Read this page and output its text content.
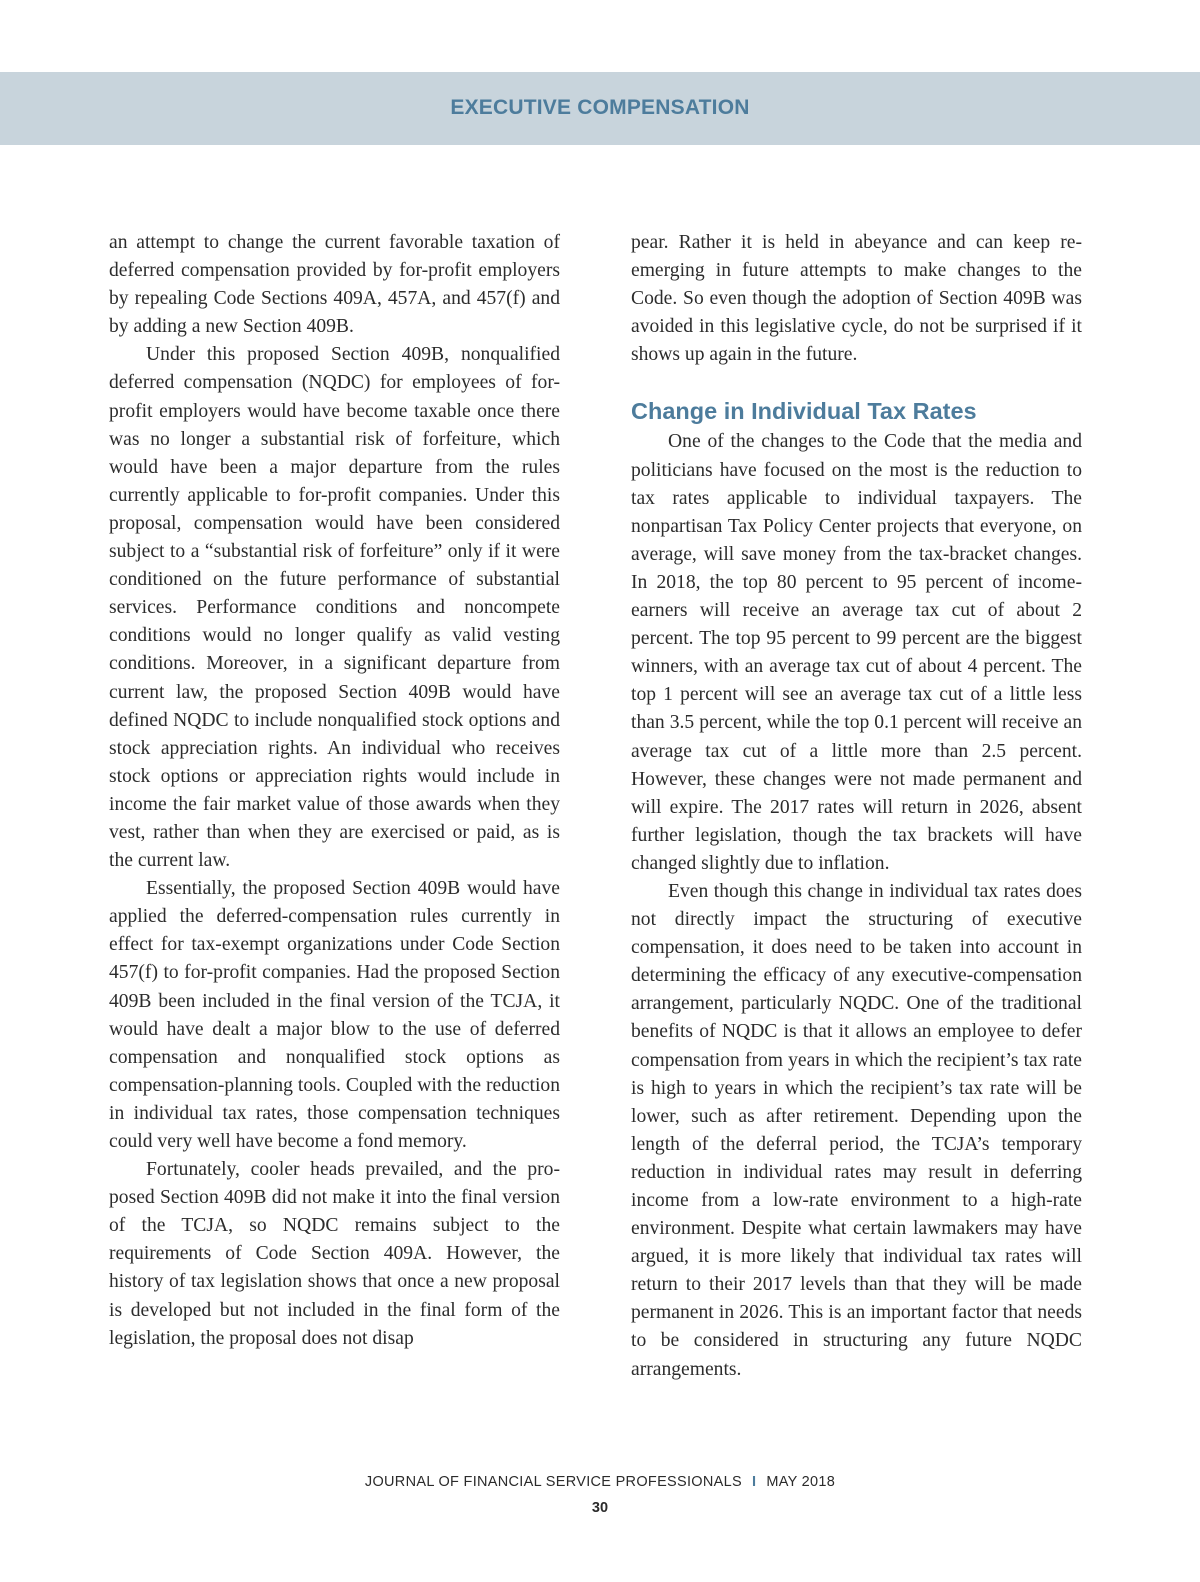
EXECUTIVE COMPENSATION

an attempt to change the current favorable taxation of deferred compensation provided by for-profit employers by repealing Code Sections 409A, 457A, and 457(f) and by adding a new Section 409B.

Under this proposed Section 409B, nonqualified deferred compensation (NQDC) for employees of for-profit employers would have become taxable once there was no longer a substantial risk of forfeiture, which would have been a major departure from the rules currently applicable to for-profit companies. Under this proposal, compensation would have been considered subject to a “substantial risk of forfeiture” only if it were conditioned on the future performance of substantial services. Performance conditions and noncompete conditions would no longer qualify as valid vesting conditions. Moreover, in a significant departure from current law, the proposed Section 409B would have defined NQDC to include nonqualified stock options and stock appreciation rights. An individual who receives stock options or appreciation rights would include in income the fair market value of those awards when they vest, rather than when they are exercised or paid, as is the current law.

Essentially, the proposed Section 409B would have applied the deferred-compensation rules currently in effect for tax-exempt organizations under Code Section 457(f) to for-profit companies. Had the proposed Section 409B been included in the final version of the TCJA, it would have dealt a major blow to the use of deferred compensation and nonqualified stock options as compensation-planning tools. Coupled with the reduction in individual tax rates, those compensation techniques could very well have become a fond memory.

Fortunately, cooler heads prevailed, and the proposed Section 409B did not make it into the final version of the TCJA, so NQDC remains subject to the requirements of Code Section 409A. However, the history of tax legislation shows that once a new proposal is developed but not included in the final form of the legislation, the proposal does not disap

pear. Rather it is held in abeyance and can keep reemerging in future attempts to make changes to the Code. So even though the adoption of Section 409B was avoided in this legislative cycle, do not be surprised if it shows up again in the future.

Change in Individual Tax Rates

One of the changes to the Code that the media and politicians have focused on the most is the reduction to tax rates applicable to individual taxpayers. The nonpartisan Tax Policy Center projects that everyone, on average, will save money from the tax-bracket changes. In 2018, the top 80 percent to 95 percent of income-earners will receive an average tax cut of about 2 percent. The top 95 percent to 99 percent are the biggest winners, with an average tax cut of about 4 percent. The top 1 percent will see an average tax cut of a little less than 3.5 percent, while the top 0.1 percent will receive an average tax cut of a little more than 2.5 percent. However, these changes were not made permanent and will expire. The 2017 rates will return in 2026, absent further legislation, though the tax brackets will have changed slightly due to inflation.

Even though this change in individual tax rates does not directly impact the structuring of executive compensation, it does need to be taken into account in determining the efficacy of any executive-compensation arrangement, particularly NQDC. One of the traditional benefits of NQDC is that it allows an employee to defer compensation from years in which the recipient’s tax rate is high to years in which the recipient’s tax rate will be lower, such as after retirement. Depending upon the length of the deferral period, the TCJA’s temporary reduction in individual rates may result in deferring income from a low-rate environment to a high-rate environment. Despite what certain lawmakers may have argued, it is more likely that individual tax rates will return to their 2017 levels than that they will be made permanent in 2026. This is an important factor that needs to be considered in structuring any future NQDC arrangements.

JOURNAL OF FINANCIAL SERVICE PROFESSIONALS I MAY 2018
30
